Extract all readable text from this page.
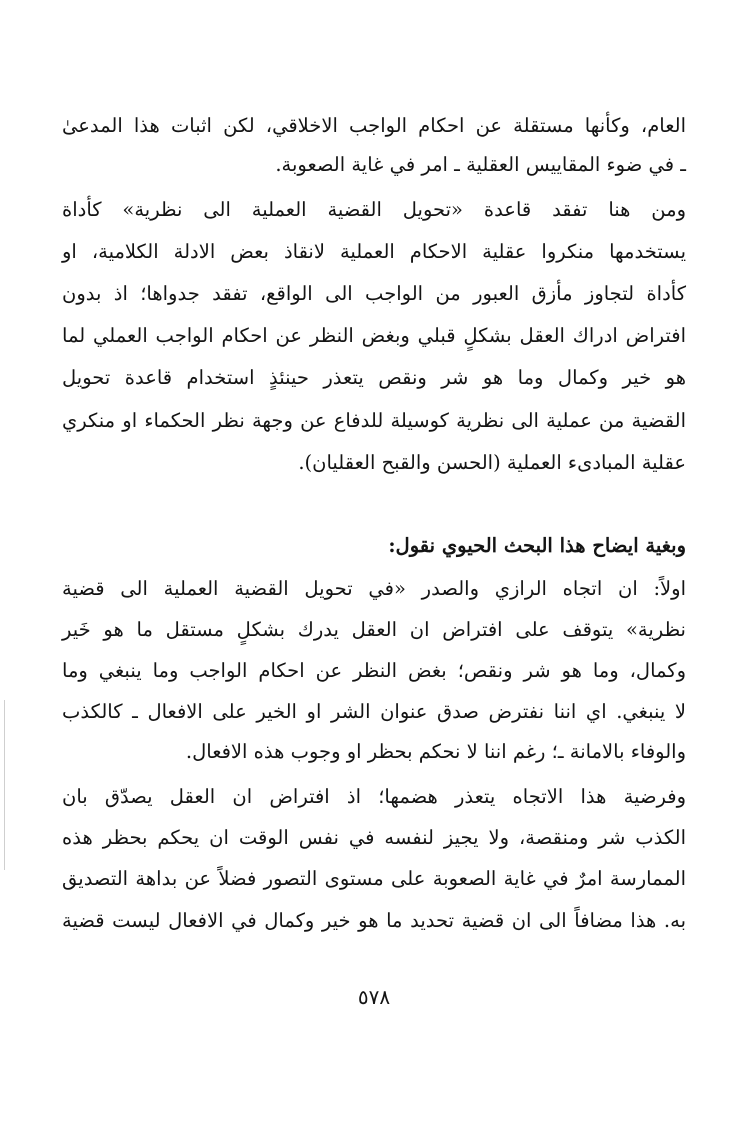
العام، وكأنها مستقلة عن احكام الواجب الاخلاقي، لكن اثبات هذا المدعىٰ
ـ في ضوء المقاييس العقلية ـ امر في غاية الصعوبة.
ومن هنا تفقد قاعدة «تحويل القضية العملية الى نظرية» كأداة
يستخدمها منكروا عقلية الاحكام العملية لانقاذ بعض الادلة الكلامية، او
كأداة لتجاوز مأزق العبور من الواجب الى الواقع، تفقد جدواها؛ اذ بدون
افتراض ادراك العقل بشكلٍ قبلي وبغض النظر عن احكام الواجب العملي لما
هو خير وكمال وما هو شر ونقص يتعذر حينئذٍ استخدام قاعدة تحويل
القضية من عملية الى نظرية كوسيلة للدفاع عن وجهة نظر الحكماء او منكري
عقلية المبادىء العملية (الحسن والقبح العقليان).
وبغية ايضاح هذا البحث الحيوي نقول:
اولاً: ان اتجاه الرازي والصدر «في تحويل القضية العملية الى قضية
نظرية» يتوقف على افتراض ان العقل يدرك بشكلٍ مستقل ما هو خَير
وكمال، وما هو شر ونقص؛ بغض النظر عن احكام الواجب وما ينبغي وما
لا ينبغي. اي اننا نفترض صدق عنوان الشر او الخير على الافعال ـ كالكذب
والوفاء بالامانة ـ؛ رغم اننا لا نحكم بحظر او وجوب هذه الافعال.
وفرضية هذا الاتجاه يتعذر هضمها؛ اذ افتراض ان العقل يصدّق بان
الكذب شر ومنقصة، ولا يجيز لنفسه في نفس الوقت ان يحكم بحظر هذه
الممارسة امرٌ في غاية الصعوبة على مستوى التصور فضلاً عن بداهة التصديق
به. هذا مضافاً الى ان قضية تحديد ما هو خير وكمال في الافعال ليست قضية
٥٧٨
